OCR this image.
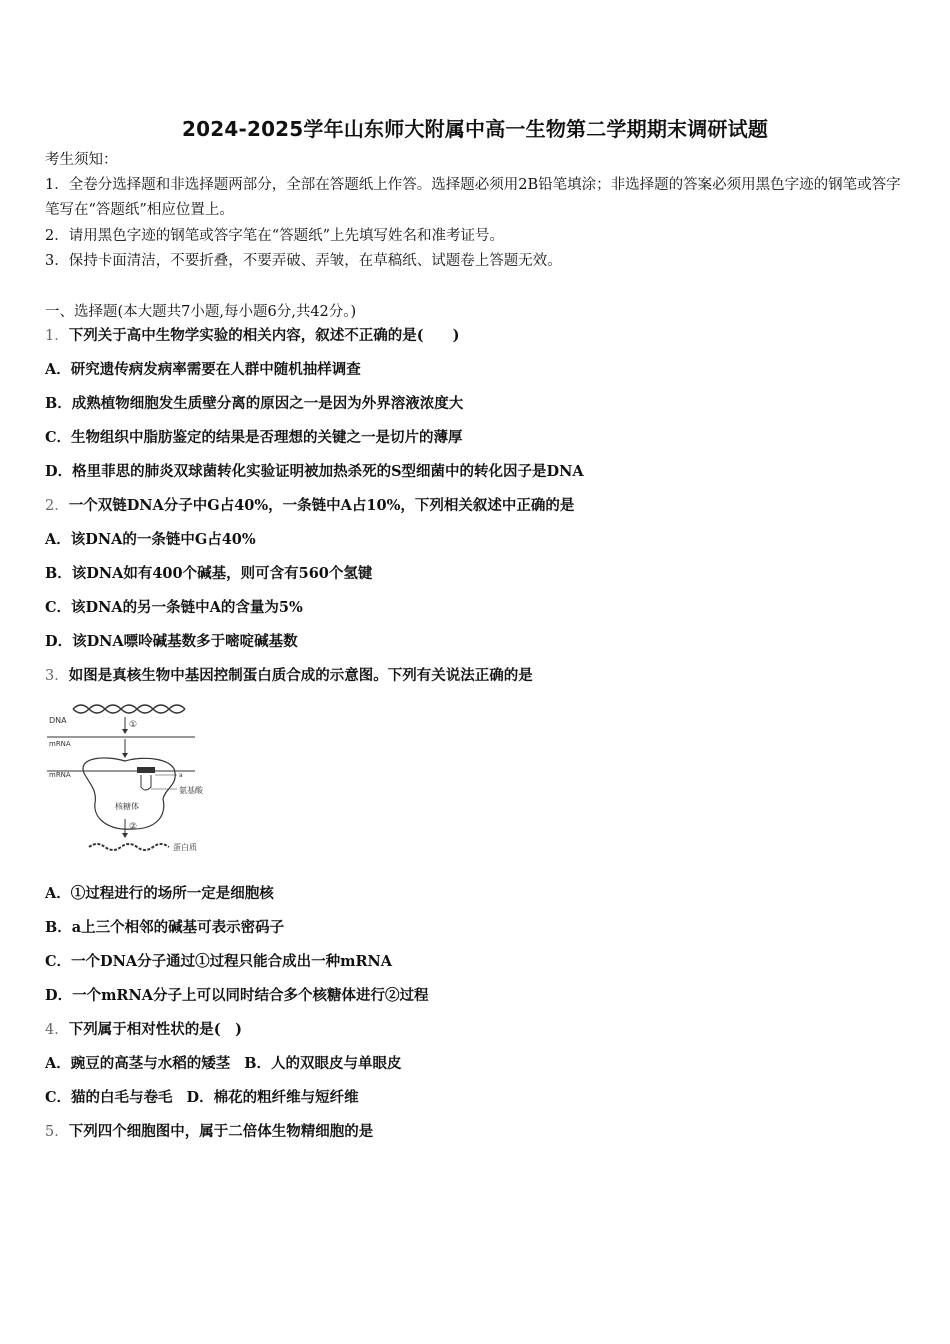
2024-2025学年山东师大附属中高一生物第二学期期末调研试题
考生须知：
1．全卷分选择题和非选择题两部分，全部在答题纸上作答。选择题必须用2B铅笔填涂；非选择题的答案必须用黑色字迹的钢笔或答字笔写在“答题纸”相应位置上。
2．请用黑色字迹的钢笔或答字笔在“答题纸”上先填写姓名和准考证号。
3．保持卡面清洁，不要折叠，不要弄破、弄皱，在草稿纸、试题卷上答题无效。
一、选择题(本大题共7小题,每小题6分,共42分。)
1．下列关于高中生物学实验的相关内容，叙述不正确的是(　　)
A．研究遗传病发病率需要在人群中随机抽样调查
B．成熟植物细胞发生质壁分离的原因之一是因为外界溶液浓度大
C．生物组织中脂肪鉴定的结果是否理想的关键之一是切片的薄厚
D．格里菲思的肺炎双球菌转化实验证明被加热杀死的S型细菌中的转化因子是DNA
2．一个双链DNA分子中G占40%，一条链中A占10%，下列相关叙述中正确的是
A．该DNA的一条链中G占40%
B．该DNA如有400个碱基，则可含有560个氢键
C．该DNA的另一条链中A的含量为5%
D．该DNA嘌呤碱基数多于嘧啶碱基数
3．如图是真核生物中基因控制蛋白质合成的示意图。下列有关说法正确的是
DNA	①
mRNA
mRNA	a
氨基酸
核糖体
②
蛋白质
A．①过程进行的场所一定是细胞核
B．a上三个相邻的碱基可表示密码子
C．一个DNA分子通过①过程只能合成出一种mRNA
D．一个mRNA分子上可以同时结合多个核糖体进行②过程
4．下列属于相对性状的是(　)
A．豌豆的高茎与水稻的矮茎 B．人的双眼皮与单眼皮
C．猫的白毛与卷毛 D．棉花的粗纤维与短纤维
5．下列四个细胞图中，属于二倍体生物精细胞的是
